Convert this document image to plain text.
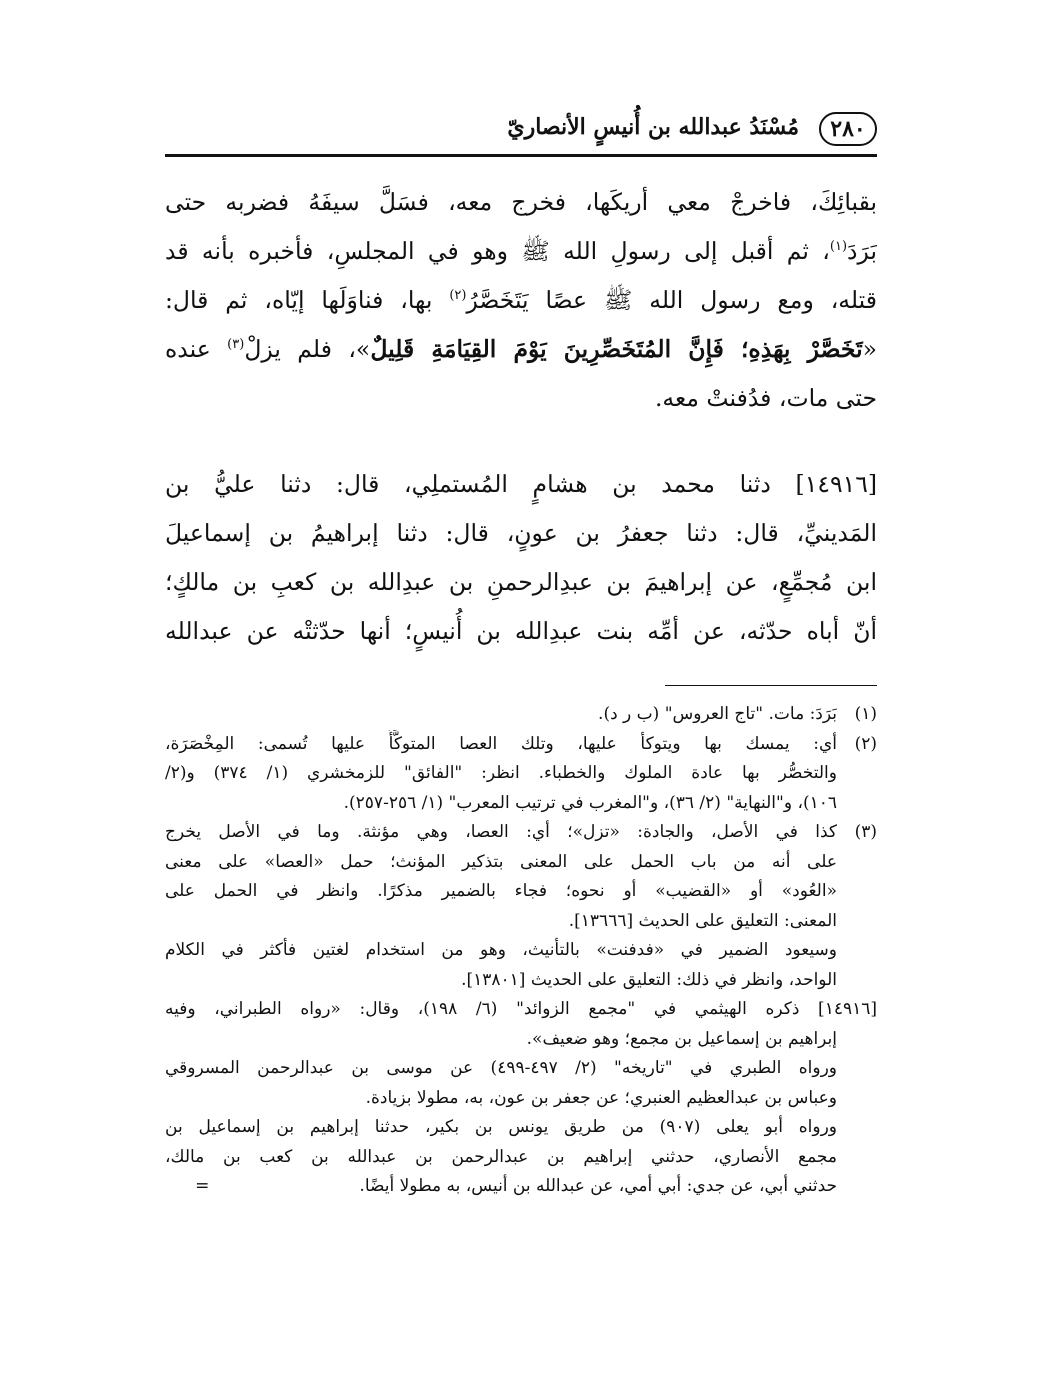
٢٨٠
مُسْنَدُ عبدالله بن أُنيسٍ الأنصاريّ
بقبائِكَ، فاخرجْ معي أريكَها، فخرج معه، فسَلَّ سيفَهُ فضربه حتى
بَرَدَ$^{(١)}$، ثم أقبل إلى رسولِ الله ﷺ وهو في المجلسِ، فأخبره بأنه قد
قتله، ومع رسول الله ﷺ عصًا يَتَخَصَّرُ$^{(٢)}$ بها، فناوَلَها إيّاه، ثم قال:
«تَخَصَّرْ بِهَذِهِ؛ فَإِنَّ المُتَخَصِّرِينَ يَوْمَ القِيَامَةِ قَلِيلٌ»، فلم يزلْ$^{(٣)}$ عنده
حتى مات، فدُفنتْ معه.
[١٤٩١٦] دثنا محمد بن هشامٍ المُستملِي، قال: دثنا عليُّ بن
المَدينيِّ، قال: دثنا جعفرُ بن عونٍ، قال: دثنا إبراهيمُ بن إسماعيلَ
ابن مُجمِّعٍ، عن إبراهيمَ بن عبدِالرحمنِ بن عبدِالله بن كعبِ بن مالكٍ؛
أنّ أباه حدّثه، عن أمِّه بنت عبدِالله بن أُنيسٍ؛ أنها حدّثتْه عن عبدالله
(١)
بَرَدَ: مات. "تاج العروس" (ب ر د).
(٢)
أي: يمسك بها ويتوكأ عليها، وتلك العصا المتوكَّأُ عليها تُسمى: المِخْصَرَة،
والتخصُّر بها عادة الملوك والخطباء. انظر: "الفائق" للزمخشري (١/ ٣٧٤) و(٢/
١٠٦)، و"النهاية" (٢/ ٣٦)، و"المغرب في ترتيب المعرب" (١/ ٢٥٦-٢٥٧).
(٣)
كذا في الأصل، والجادة: «تزل»؛ أي: العصا، وهي مؤنثة. وما في الأصل يخرج
على أنه من باب الحمل على المعنى بتذكير المؤنث؛ حمل «العصا» على معنى
«العُود» أو «القضيب» أو نحوه؛ فجاء بالضمير مذكرًا. وانظر في الحمل على
المعنى: التعليق على الحديث [١٣٦٦٦].
وسيعود الضمير في «فدفنت» بالتأنيث، وهو من استخدام لغتين فأكثر في الكلام
الواحد، وانظر في ذلك: التعليق على الحديث [١٣٨٠١].
[١٤٩١٦] ذكره الهيثمي في "مجمع الزوائد" (٦/ ١٩٨)، وقال: «رواه الطبراني، وفيه
إبراهيم بن إسماعيل بن مجمع؛ وهو ضعيف».
ورواه الطبري في "تاريخه" (٢/ ٤٩٧-٤٩٩) عن موسى بن عبدالرحمن المسروقي
وعباس بن عبدالعظيم العنبري؛ عن جعفر بن عون، به، مطولا بزيادة.
ورواه أبو يعلى (٩٠٧) من طريق يونس بن بكير، حدثنا إبراهيم بن إسماعيل بن
مجمع الأنصاري، حدثني إبراهيم بن عبدالرحمن بن عبدالله بن كعب بن مالك،
حدثني أبي، عن جدي: أبي أمي، عن عبدالله بن أنيس، به مطولا أيضًا.=
